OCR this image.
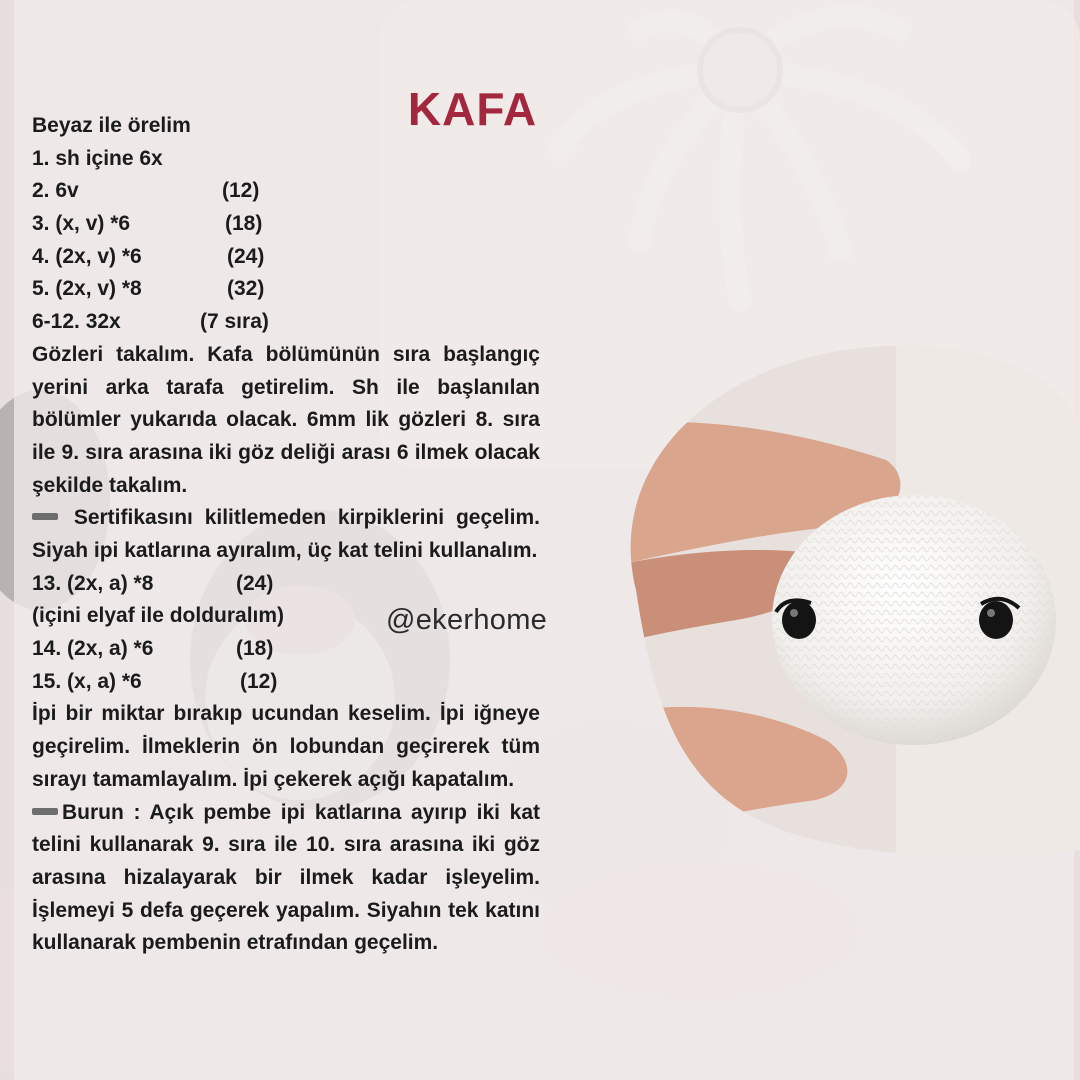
KAFA
Beyaz ile örelim
1. sh içine 6x
2. 6v	(12)
3. (x, v) *6	(18)
4. (2x, v) *6	(24)
5. (2x, v) *8	(32)
6-12. 32x	(7 sıra)
Gözleri takalım. Kafa bölümünün sıra başlangıç yerini arka tarafa getirelim. Sh ile başlanılan bölümler yukarıda olacak. 6mm lik gözleri 8. sıra ile 9. sıra arasına iki göz deliği arası 6 ilmek olacak şekilde takalım.
Sertifikasını kilitlemeden kirpiklerini geçelim. Siyah ipi katlarına ayıralım, üç kat telini kullanalım.
13. (2x, a) *8	(24)
(içini elyaf ile dolduralım)
14. (2x, a) *6	(18)
15. (x, a) *6	(12)
İpi bir miktar bırakıp ucundan keselim. İpi iğneye geçirelim. İlmeklerin ön lobundan geçirerek tüm sırayı tamamlayalım. İpi çekerek açığı kapatalım.
Burun : Açık pembe ipi katlarına ayırıp iki kat telini kullanarak 9. sıra ile 10. sıra arasına iki göz arasına hizalayarak bir ilmek kadar işleyelim. İşlemeyi 5 defa geçerek yapalım. Siyahın tek katını kullanarak pembenin etrafından geçelim.
@ekerhome
